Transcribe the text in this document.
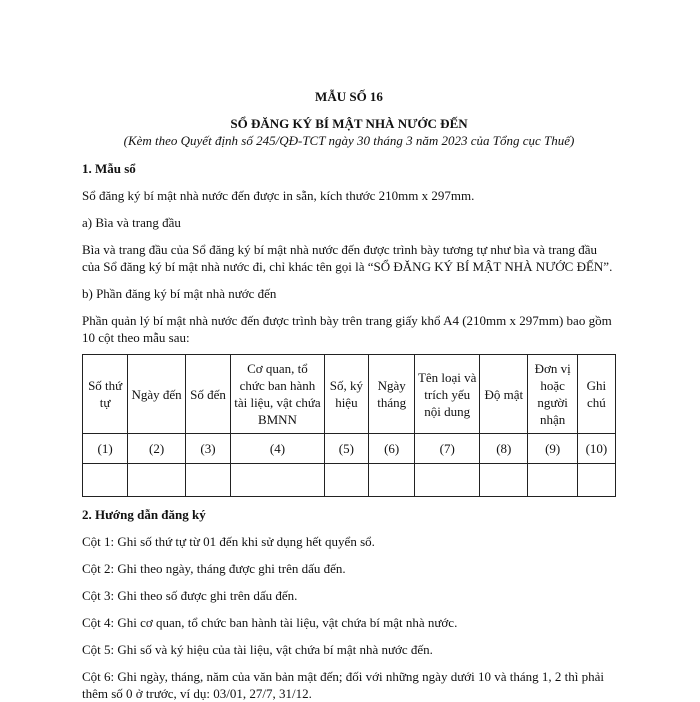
MẪU SỐ 16
SỔ ĐĂNG KÝ BÍ MẬT NHÀ NƯỚC ĐẾN
(Kèm theo Quyết định số 245/QĐ-TCT ngày 30 tháng 3 năm 2023 của Tổng cục Thuế)
1. Mẫu sổ
Sổ đăng ký bí mật nhà nước đến được in sẵn, kích thước 210mm x 297mm.
a) Bìa và trang đầu
Bìa và trang đầu của Sổ đăng ký bí mật nhà nước đến được trình bày tương tự như bìa và trang đầu của Sổ đăng ký bí mật nhà nước đi, chỉ khác tên gọi là “SỔ ĐĂNG KÝ BÍ MẬT NHÀ NƯỚC ĐẾN”.
b) Phần đăng ký bí mật nhà nước đến
Phần quản lý bí mật nhà nước đến được trình bày trên trang giấy khổ A4 (210mm x 297mm) bao gồm 10 cột theo mẫu sau:
Số thứ tự	Ngày đến	Số đến	Cơ quan, tổ chức ban hành tài liệu, vật chứa BMNN	Số, ký hiệu	Ngày tháng	Tên loại và trích yếu nội dung	Độ mật	Đơn vị hoặc người nhận	Ghi chú
(1)	(2)	(3)	(4)	(5)	(6)	(7)	(8)	(9)	(10)

2. Hướng dẫn đăng ký
Cột 1: Ghi số thứ tự từ 01 đến khi sử dụng hết quyển sổ.
Cột 2: Ghi theo ngày, tháng được ghi trên dấu đến.
Cột 3: Ghi theo số được ghi trên dấu đến.
Cột 4: Ghi cơ quan, tổ chức ban hành tài liệu, vật chứa bí mật nhà nước.
Cột 5: Ghi số và ký hiệu của tài liệu, vật chứa bí mật nhà nước đến.
Cột 6: Ghi ngày, tháng, năm của văn bản mật đến; đối với những ngày dưới 10 và tháng 1, 2 thì phải thêm số 0 ở trước, ví dụ: 03/01, 27/7, 31/12.
